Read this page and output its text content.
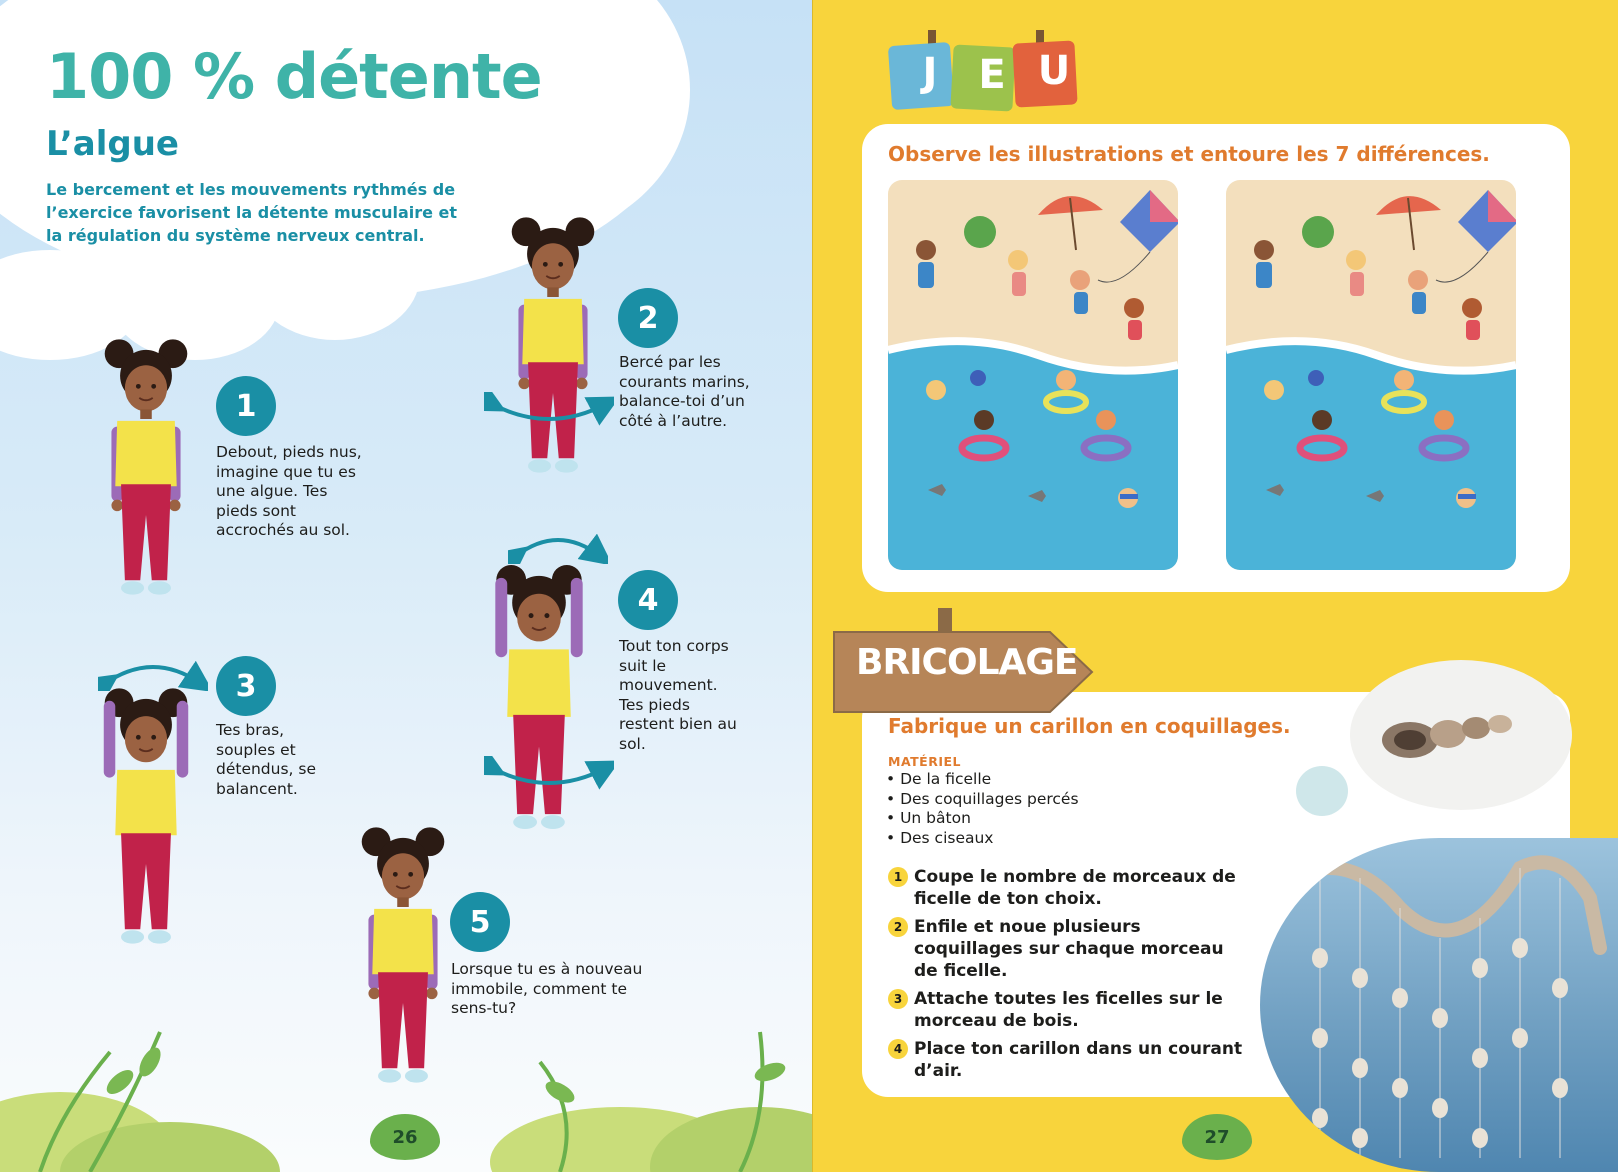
100 % détente
L’algue
Le bercement et les mouvements rythmés de l’exercice favorisent la détente musculaire et la régulation du système nerveux central.
1
Debout, pieds nus, imagine que tu es une algue. Tes pieds sont accrochés au sol.
2
Bercé par les courants marins, balance-toi d’un côté à l’autre.
3
Tes bras, souples et détendus, se balancent.
4
Tout ton corps suit le mouvement. Tes pieds restent bien au sol.
5
Lorsque tu es à nouveau immobile, comment te sens-tu?
26
J	E U
Observe les illustrations et entoure les 7 différences.
BRICOLAGE
Fabrique un carillon en coquillages.
MATÉRIEL
• De la ficelle
• Des coquillages percés
• Un bâton
• Des ciseaux
1 Coupe le nombre de morceaux de ficelle de ton choix.
2 Enfile et noue plusieurs coquillages sur chaque morceau de ficelle.
3 Attache toutes les ficelles sur le morceau de bois.
4 Place ton carillon dans un courant d’air.
27
